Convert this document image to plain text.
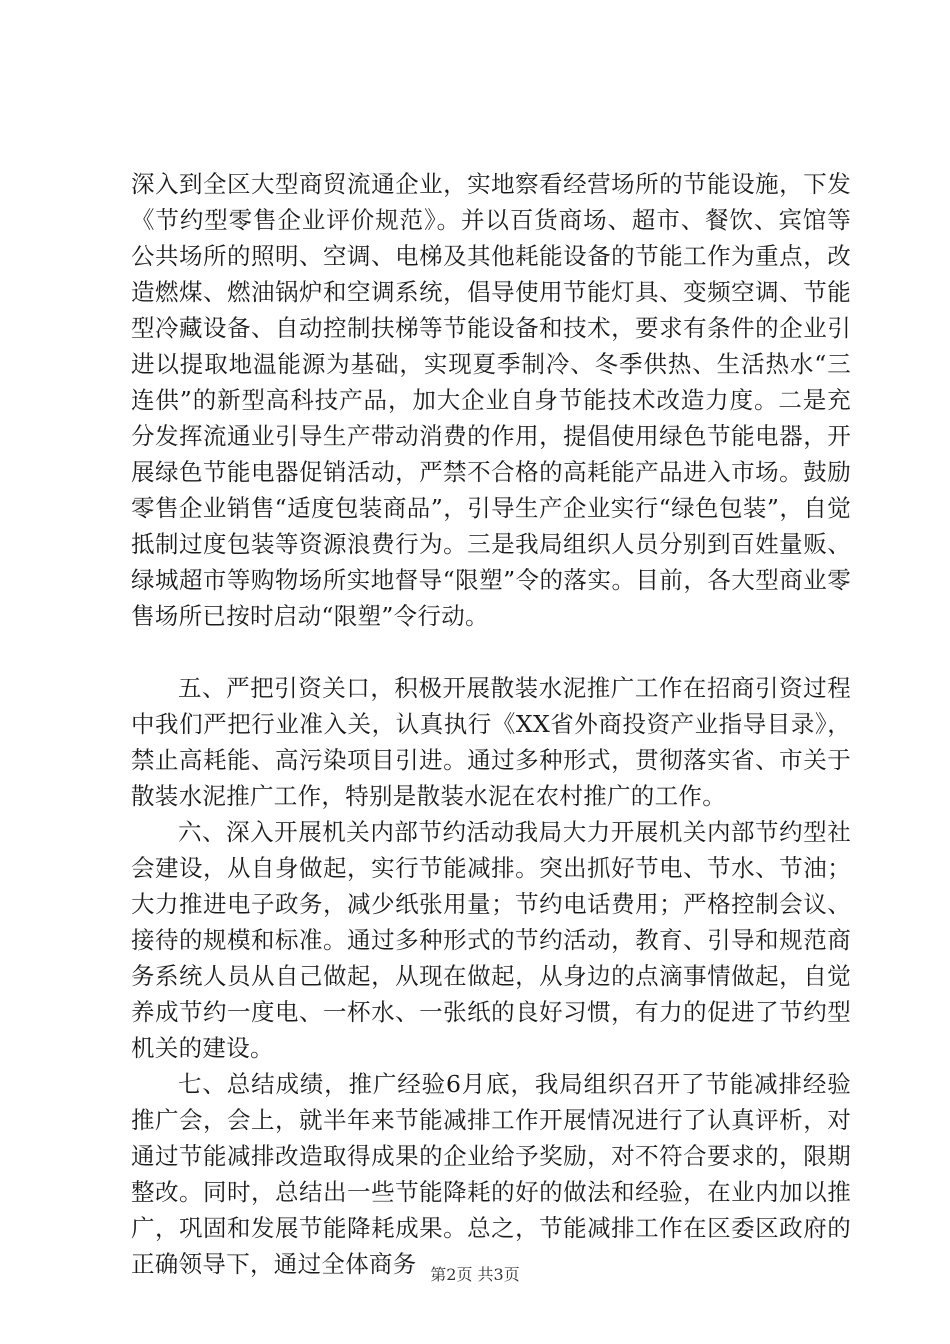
深入到全区大型商贸流通企业，实地察看经营场所的节能设施，下发《节约型零售企业评价规范》。并以百货商场、超市、餐饮、宾馆等公共场所的照明、空调、电梯及其他耗能设备的节能工作为重点，改造燃煤、燃油锅炉和空调系统，倡导使用节能灯具、变频空调、节能型冷藏设备、自动控制扶梯等节能设备和技术，要求有条件的企业引进以提取地温能源为基础，实现夏季制冷、冬季供热、生活热水“三连供”的新型高科技产品，加大企业自身节能技术改造力度。二是充分发挥流通业引导生产带动消费的作用，提倡使用绿色节能电器，开展绿色节能电器促销活动，严禁不合格的高耗能产品进入市场。鼓励零售企业销售“适度包装商品”，引导生产企业实行“绿色包装”，自觉抵制过度包装等资源浪费行为。三是我局组织人员分别到百姓量贩、绿城超市等购物场所实地督导“限塑”令的落实。目前，各大型商业零售场所已按时启动“限塑”令行动。

五、严把引资关口，积极开展散装水泥推广工作在招商引资过程中我们严把行业准入关，认真执行《XX省外商投资产业指导目录》，禁止高耗能、高污染项目引进。通过多种形式，贯彻落实省、市关于散装水泥推广工作，特别是散装水泥在农村推广的工作。

六、深入开展机关内部节约活动我局大力开展机关内部节约型社会建设，从自身做起，实行节能减排。突出抓好节电、节水、节油；大力推进电子政务，减少纸张用量；节约电话费用；严格控制会议、接待的规模和标准。通过多种形式的节约活动，教育、引导和规范商务系统人员从自己做起，从现在做起，从身边的点滴事情做起，自觉养成节约一度电、一杯水、一张纸的良好习惯，有力的促进了节约型机关的建设。

七、总结成绩，推广经验6月底，我局组织召开了节能减排经验推广会，会上，就半年来节能减排工作开展情况进行了认真评析，对通过节能减排改造取得成果的企业给予奖励，对不符合要求的，限期整改。同时，总结出一些节能降耗的好的做法和经验，在业内加以推广，巩固和发展节能降耗成果。总之，节能减排工作在区委区政府的正确领导下，通过全体商务 第2页 共3页
